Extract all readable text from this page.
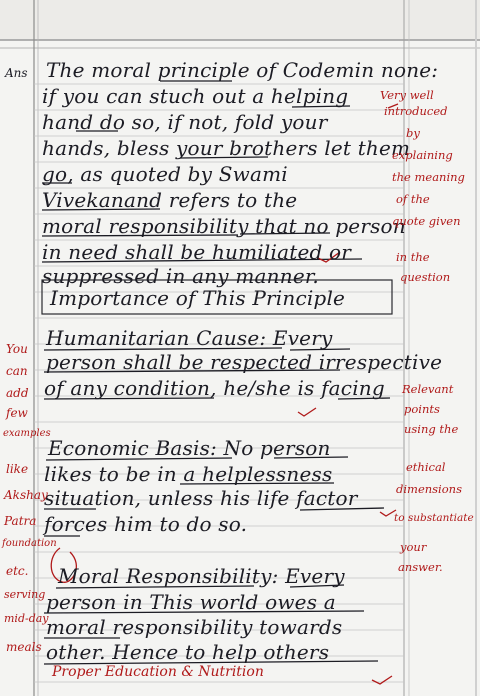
Ans The moral principle of Codemin none:
if you can stuch out a helping
hand do so, if not, fold your
hands, bless your brothers let them
go, as quoted by Swami
Vivekanand refers to the
moral responsibility that no person
in need shall be humiliated or
suppressed in any manner.
Importance of This Principle
Humanitarian Cause: Every
person shall be respected irrespective
of any condition, he/she is facing
Economic Basis: No person
likes to be in a helplessness
situation, unless his life factor
forces him to do so.
Moral Responsibility: Every
person in This world owes a
moral responsibility towards
other. Hence to help others
Proper Education & Nutrition
Very well
introduced
by
explaining
the meaning
of the
quote given
in the
question
Relevant
points
using the
ethical
dimensions
to substantiate
your
answer.
You
can
add
few
examples
like
Akshay
Patra
foundation
etc.
serving
mid-day
meals
